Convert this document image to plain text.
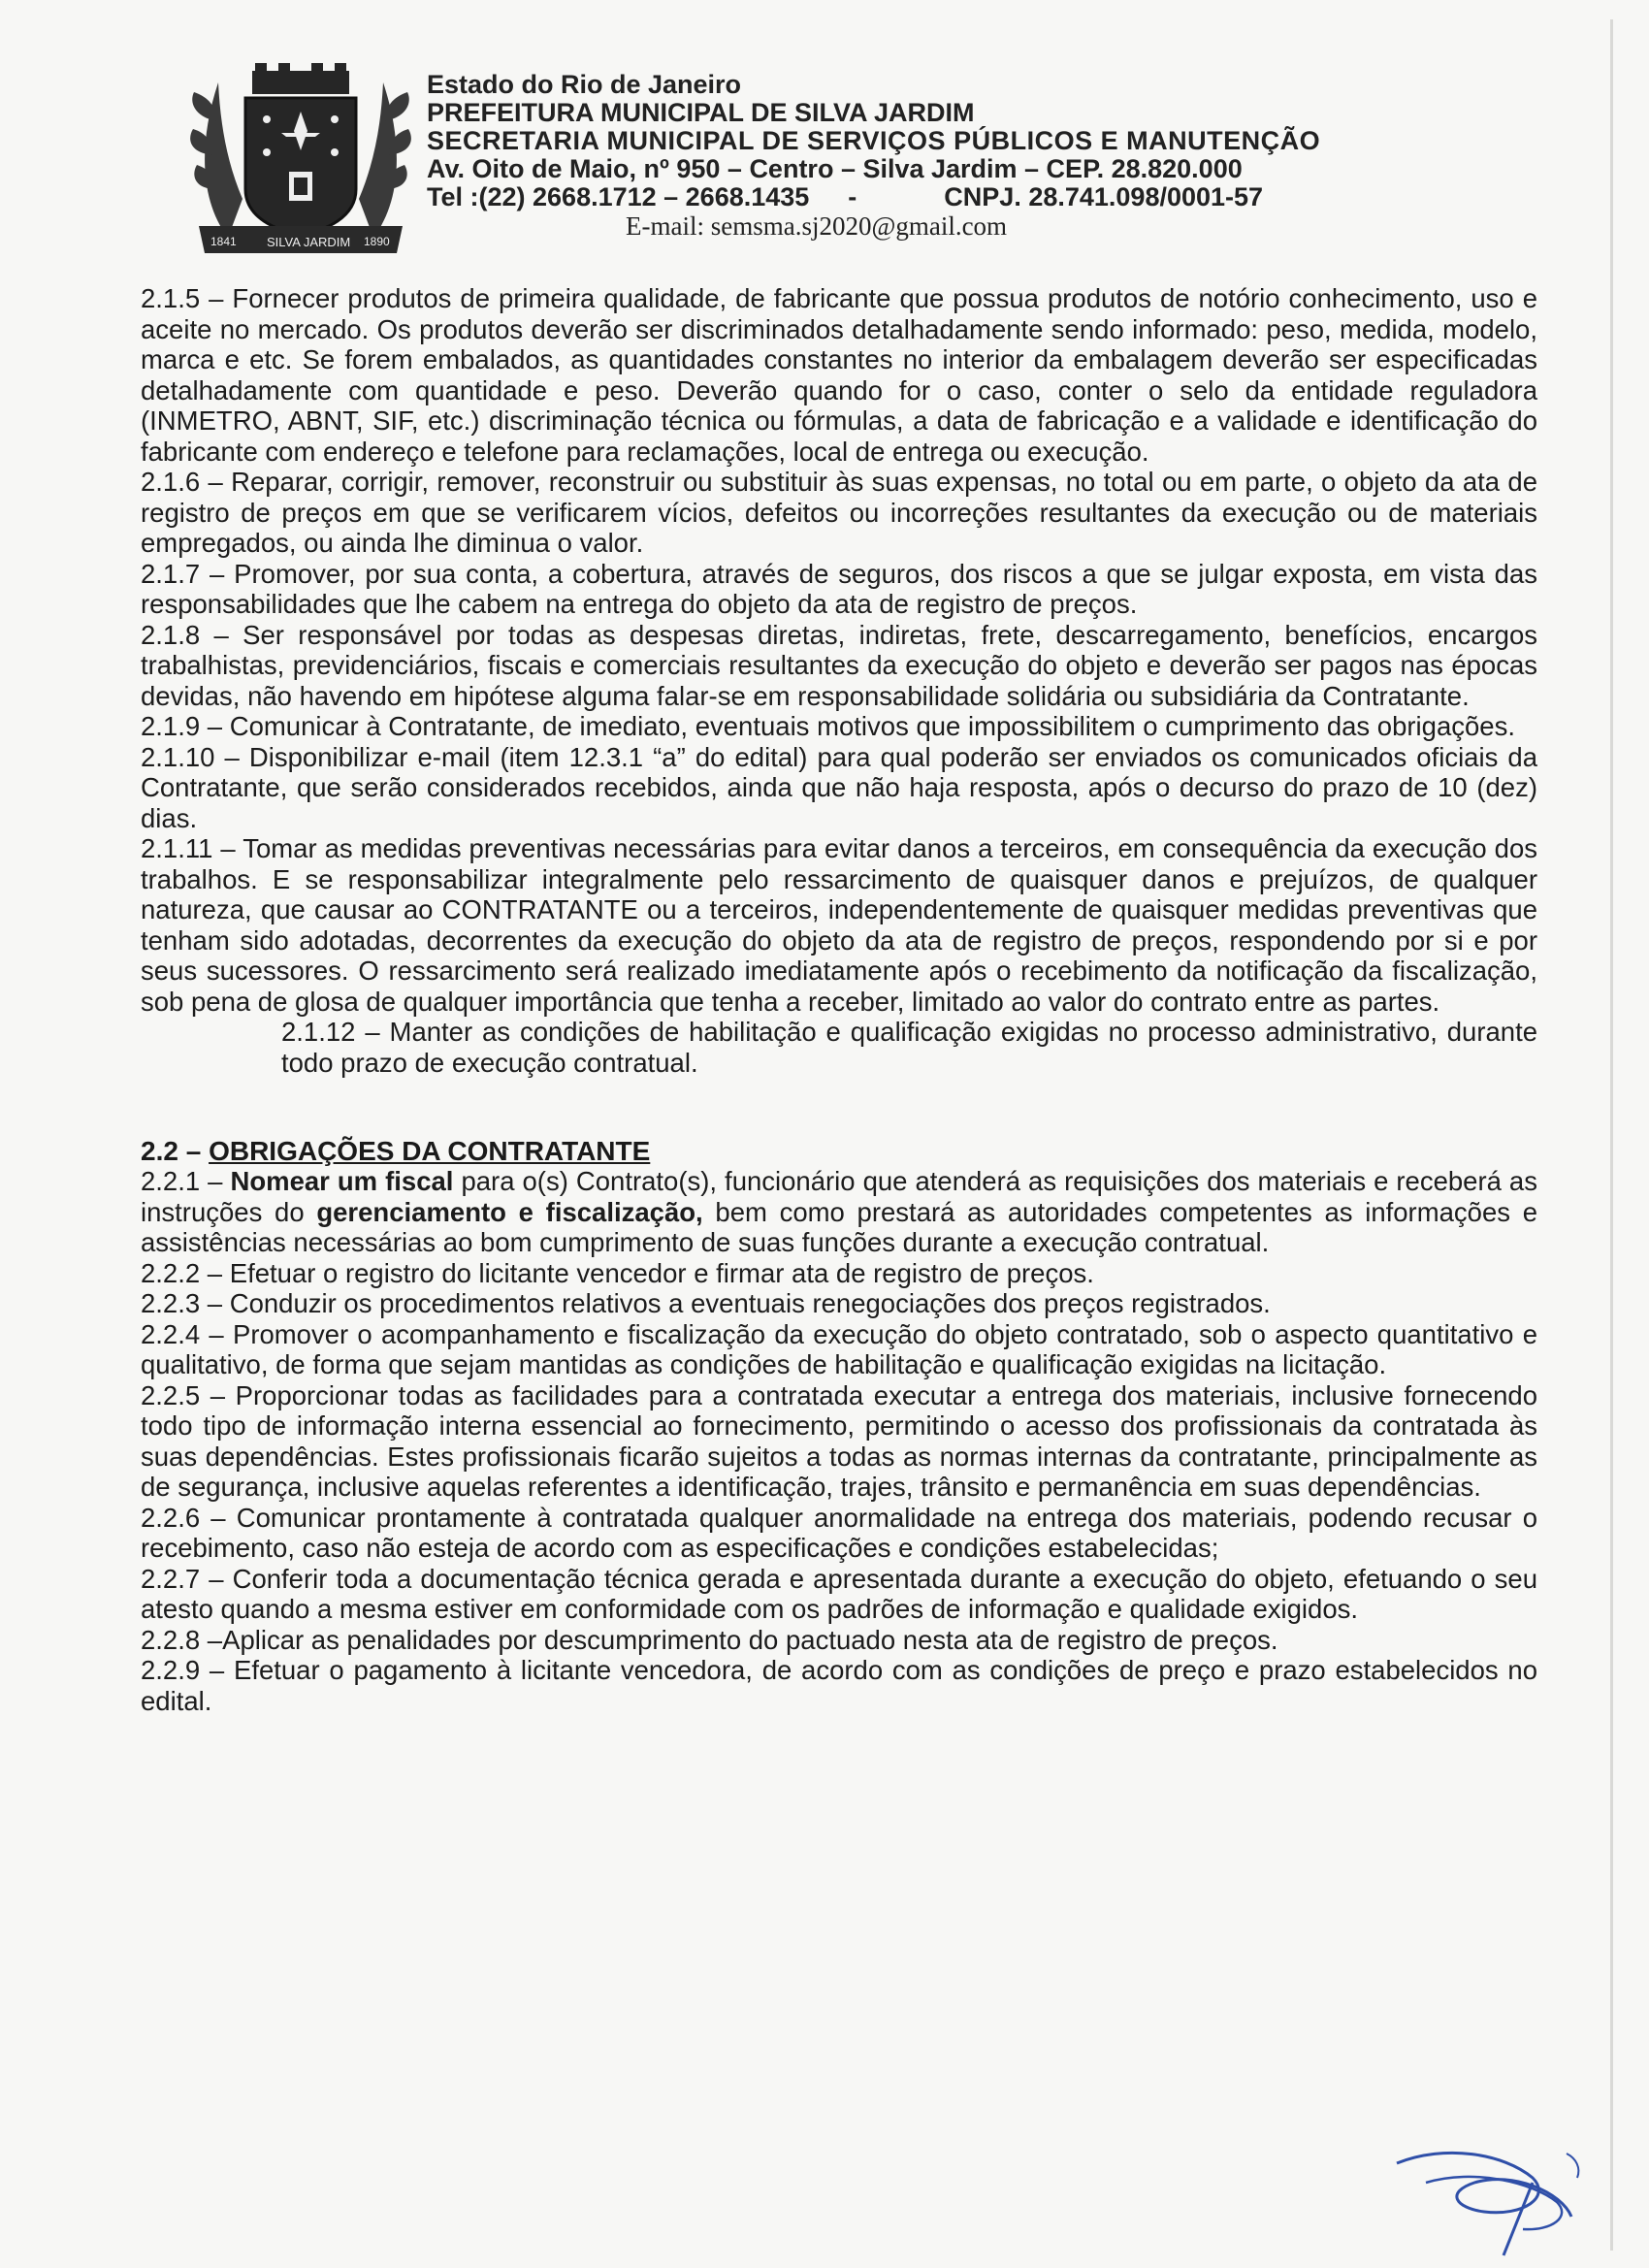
1841 SILVA JARDIM 1890
Estado do Rio de Janeiro
PREFEITURA MUNICIPAL DE SILVA JARDIM
SECRETARIA MUNICIPAL DE SERVIÇOS PÚBLICOS E MANUTENÇÃO
Av. Oito de Maio, nº 950 – Centro – Silva Jardim – CEP. 28.820.000
Tel :(22) 2668.1712 – 2668.1435 -	CNPJ. 28.741.098/0001-57
E-mail: semsma.sj2020@gmail.com

2.1.5 – Fornecer produtos de primeira qualidade, de fabricante que possua produtos de notório conhecimento, uso e aceite no mercado. Os produtos deverão ser discriminados detalhadamente sendo informado: peso, medida, modelo, marca e etc. Se forem embalados, as quantidades constantes no interior da embalagem deverão ser especificadas detalhadamente com quantidade e peso. Deverão quando for o caso, conter o selo da entidade reguladora (INMETRO, ABNT, SIF, etc.) discriminação técnica ou fórmulas, a data de fabricação e a validade e identificação do fabricante com endereço e telefone para reclamações, local de entrega ou execução.

2.1.6 – Reparar, corrigir, remover, reconstruir ou substituir às suas expensas, no total ou em parte, o objeto da ata de registro de preços em que se verificarem vícios, defeitos ou incorreções resultantes da execução ou de materiais empregados, ou ainda lhe diminua o valor.

2.1.7 – Promover, por sua conta, a cobertura, através de seguros, dos riscos a que se julgar exposta, em vista das responsabilidades que lhe cabem na entrega do objeto da ata de registro de preços.

2.1.8 – Ser responsável por todas as despesas diretas, indiretas, frete, descarregamento, benefícios, encargos trabalhistas, previdenciários, fiscais e comerciais resultantes da execução do objeto e deverão ser pagos nas épocas devidas, não havendo em hipótese alguma falar-se em responsabilidade solidária ou subsidiária da Contratante.

2.1.9 – Comunicar à Contratante, de imediato, eventuais motivos que impossibilitem o cumprimento das obrigações.

2.1.10 – Disponibilizar e-mail (item 12.3.1 “a” do edital) para qual poderão ser enviados os comunicados oficiais da Contratante, que serão considerados recebidos, ainda que não haja resposta, após o decurso do prazo de 10 (dez) dias.

2.1.11 – Tomar as medidas preventivas necessárias para evitar danos a terceiros, em consequência da execução dos trabalhos. E se responsabilizar integralmente pelo ressarcimento de quaisquer danos e prejuízos, de qualquer natureza, que causar ao CONTRATANTE ou a terceiros, independentemente de quaisquer medidas preventivas que tenham sido adotadas, decorrentes da execução do objeto da ata de registro de preços, respondendo por si e por seus sucessores. O ressarcimento será realizado imediatamente após o recebimento da notificação da fiscalização, sob pena de glosa de qualquer importância que tenha a receber, limitado ao valor do contrato entre as partes.

2.1.12 – Manter as condições de habilitação e qualificação exigidas no processo administrativo, durante todo prazo de execução contratual.

2.2 – OBRIGAÇÕES DA CONTRATANTE

2.2.1 – Nomear um fiscal para o(s) Contrato(s), funcionário que atenderá as requisições dos materiais e receberá as instruções do gerenciamento e fiscalização, bem como prestará as autoridades competentes as informações e assistências necessárias ao bom cumprimento de suas funções durante a execução contratual.

2.2.2 – Efetuar o registro do licitante vencedor e firmar ata de registro de preços.

2.2.3 – Conduzir os procedimentos relativos a eventuais renegociações dos preços registrados.

2.2.4 – Promover o acompanhamento e fiscalização da execução do objeto contratado, sob o aspecto quantitativo e qualitativo, de forma que sejam mantidas as condições de habilitação e qualificação exigidas na licitação.

2.2.5 – Proporcionar todas as facilidades para a contratada executar a entrega dos materiais, inclusive fornecendo todo tipo de informação interna essencial ao fornecimento, permitindo o acesso dos profissionais da contratada às suas dependências. Estes profissionais ficarão sujeitos a todas as normas internas da contratante, principalmente as de segurança, inclusive aquelas referentes a identificação, trajes, trânsito e permanência em suas dependências.

2.2.6 – Comunicar prontamente à contratada qualquer anormalidade na entrega dos materiais, podendo recusar o recebimento, caso não esteja de acordo com as especificações e condições estabelecidas;

2.2.7 – Conferir toda a documentação técnica gerada e apresentada durante a execução do objeto, efetuando o seu atesto quando a mesma estiver em conformidade com os padrões de informação e qualidade exigidos.

2.2.8 –Aplicar as penalidades por descumprimento do pactuado nesta ata de registro de preços.

2.2.9 – Efetuar o pagamento à licitante vencedora, de acordo com as condições de preço e prazo estabelecidos no edital.
